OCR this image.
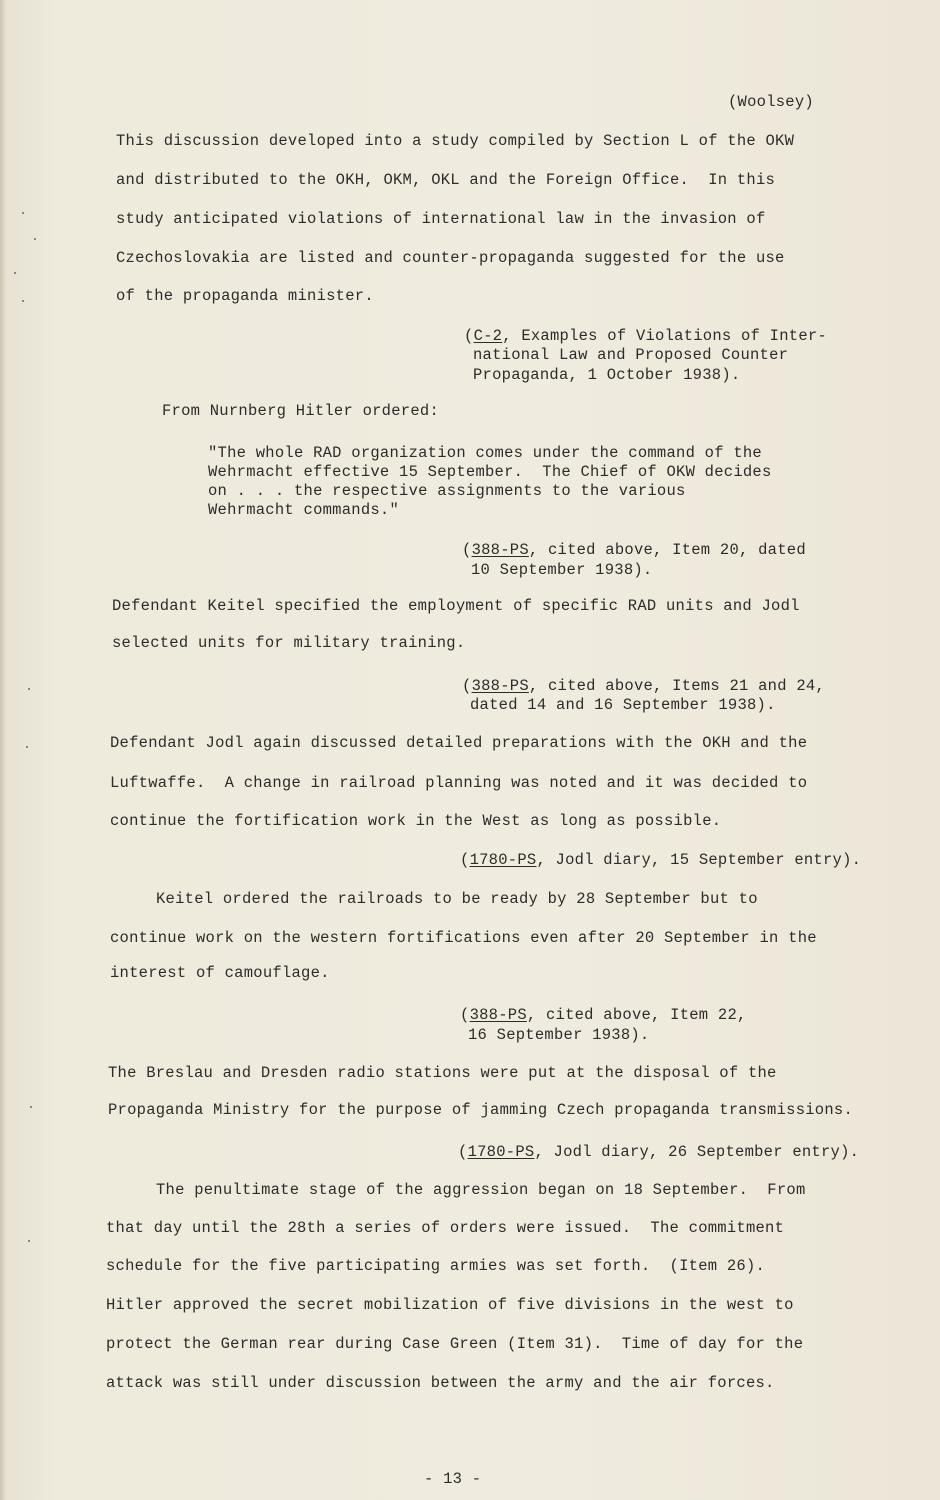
(Woolsey)
This discussion developed into a study compiled by Section L of the OKW
and distributed to the OKH, OKM, OKL and the Foreign Office.  In this
study anticipated violations of international law in the invasion of
Czechoslovakia are listed and counter-propaganda suggested for the use
of the propaganda minister.
(C-2, Examples of Violations of Inter-
national Law and Proposed Counter
Propaganda, 1 October 1938).
From Nurnberg Hitler ordered:
"The whole RAD organization comes under the command of the
Wehrmacht effective 15 September.  The Chief of OKW decides
on . . . the respective assignments to the various
Wehrmacht commands."
(388-PS, cited above, Item 20, dated
10 September 1938).
Defendant Keitel specified the employment of specific RAD units and Jodl
selected units for military training.
(388-PS, cited above, Items 21 and 24,
dated 14 and 16 September 1938).
Defendant Jodl again discussed detailed preparations with the OKH and the
Luftwaffe.  A change in railroad planning was noted and it was decided to
continue the fortification work in the West as long as possible.
(1780-PS, Jodl diary, 15 September entry).
Keitel ordered the railroads to be ready by 28 September but to
continue work on the western fortifications even after 20 September in the
interest of camouflage.
(388-PS, cited above, Item 22,
16 September 1938).
The Breslau and Dresden radio stations were put at the disposal of the
Propaganda Ministry for the purpose of jamming Czech propaganda transmissions.
(1780-PS, Jodl diary, 26 September entry).
The penultimate stage of the aggression began on 18 September.  From
that day until the 28th a series of orders were issued.  The commitment
schedule for the five participating armies was set forth.  (Item 26).
Hitler approved the secret mobilization of five divisions in the west to
protect the German rear during Case Green (Item 31).  Time of day for the
attack was still under discussion between the army and the air forces.
- 13 -
